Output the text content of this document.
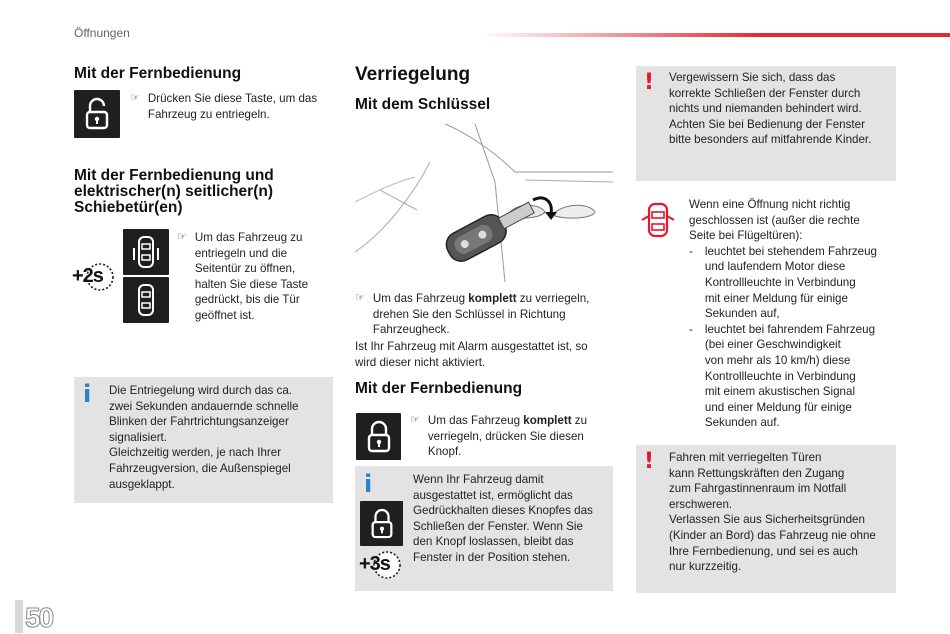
Öffnungen
Mit der Fernbedienung
☞ Drücken Sie diese Taste, um das Fahrzeug zu entriegeln.
Mit der Fernbedienung und
elektrischer(n) seitlicher(n)
Schiebetür(en)
+2s
☞ Um das Fahrzeug zu
entriegeln und die
Seitentür zu öffnen,
halten Sie diese Taste
gedrückt, bis die Tür
geöffnet ist.
i Die Entriegelung wird durch das ca.
zwei Sekunden andauernde schnelle
Blinken der Fahrtrichtungsanzeiger
signalisiert.
Gleichzeitig werden, je nach Ihrer
Fahrzeugversion, die Außenspiegel
ausgeklappt.
50
Verriegelung
Mit dem Schlüssel
☞ Um das Fahrzeug komplett zu verriegeln,
drehen Sie den Schlüssel in Richtung
Fahrzeugheck.
Ist Ihr Fahrzeug mit Alarm ausgestattet ist, so
wird dieser nicht aktiviert.
Mit der Fernbedienung
☞ Um das Fahrzeug komplett zu
verriegeln, drücken Sie diesen
Knopf.
i
+3s
Wenn Ihr Fahrzeug damit
ausgestattet ist, ermöglicht das
Gedrückhalten dieses Knopfes das
Schließen der Fenster. Wenn Sie
den Knopf loslassen, bleibt das
Fenster in der Position stehen.
! Vergewissern Sie sich, dass das
korrekte Schließen der Fenster durch
nichts und niemanden behindert wird.
Achten Sie bei Bedienung der Fenster
bitte besonders auf mitfahrende Kinder.
Wenn eine Öffnung nicht richtig
geschlossen ist (außer die rechte
Seite bei Flügeltüren):
- leuchtet bei stehendem Fahrzeug
und laufendem Motor diese
Kontrollleuchte in Verbindung
mit einer Meldung für einige
Sekunden auf,
- leuchtet bei fahrendem Fahrzeug
(bei einer Geschwindigkeit
von mehr als 10 km/h) diese
Kontrollleuchte in Verbindung
mit einem akustischen Signal
und einer Meldung für einige
Sekunden auf.
! Fahren mit verriegelten Türen
kann Rettungskräften den Zugang
zum Fahrgastinnenraum im Notfall
erschweren.
Verlassen Sie aus Sicherheitsgründen
(Kinder an Bord) das Fahrzeug nie ohne
Ihre Fernbedienung, und sei es auch
nur kurzzeitig.
